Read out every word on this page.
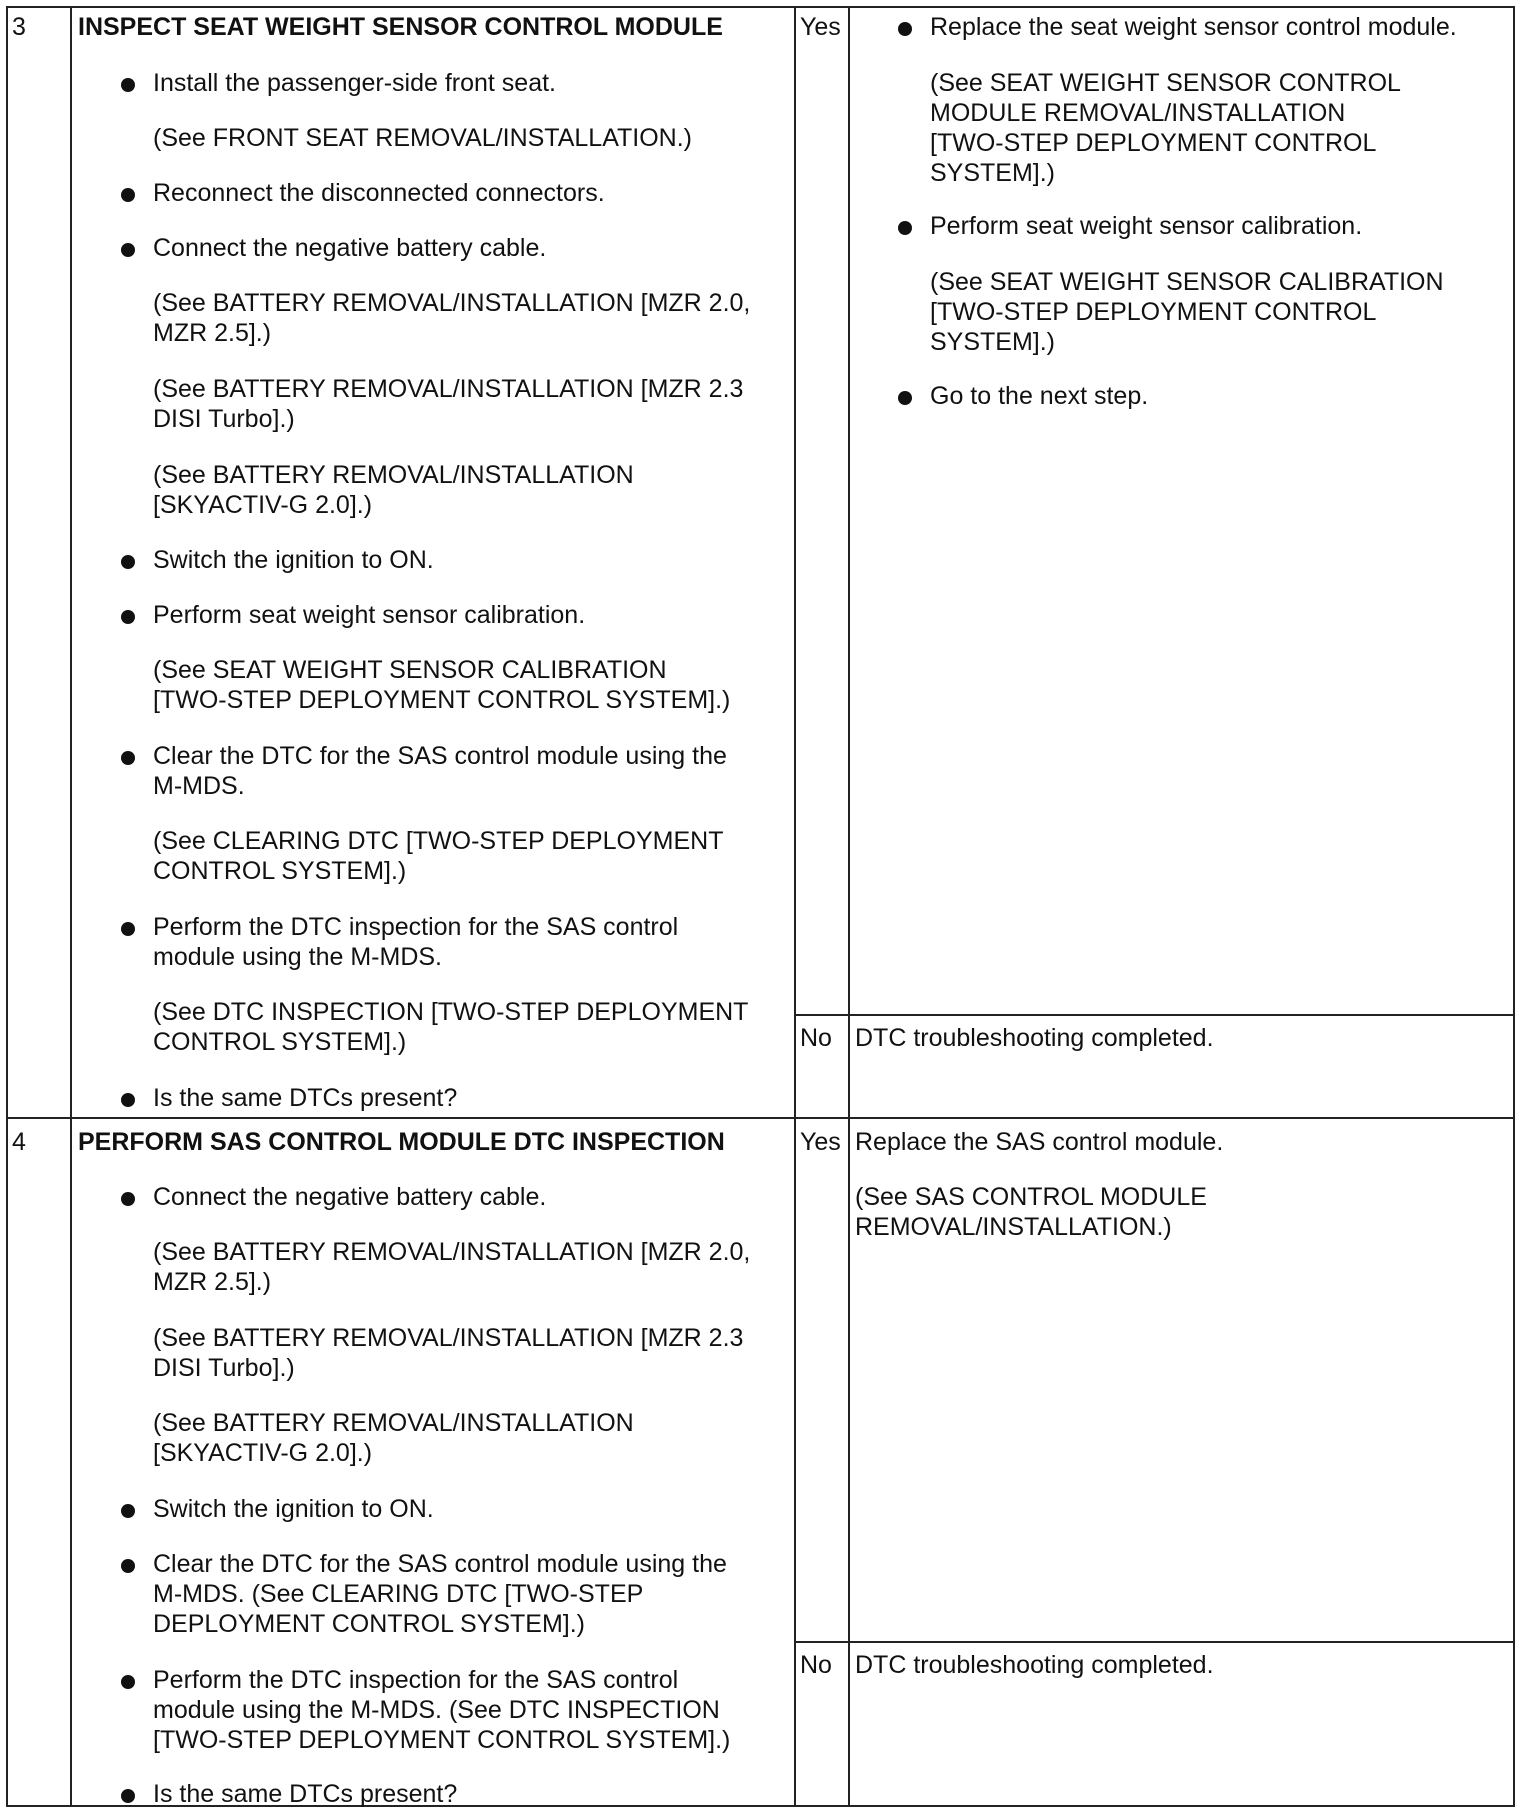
3 INSPECT SEAT WEIGHT SENSOR CONTROL MODULE
Install the passenger-side front seat.
(See FRONT SEAT REMOVAL/INSTALLATION.)
Reconnect the disconnected connectors.
Connect the negative battery cable.
(See BATTERY REMOVAL/INSTALLATION [MZR 2.0,
MZR 2.5].)
(See BATTERY REMOVAL/INSTALLATION [MZR 2.3
DISI Turbo].)
(See BATTERY REMOVAL/INSTALLATION
[SKYACTIV-G 2.0].)
Switch the ignition to ON.
Perform seat weight sensor calibration.
(See SEAT WEIGHT SENSOR CALIBRATION
[TWO-STEP DEPLOYMENT CONTROL SYSTEM].)
Clear the DTC for the SAS control module using the
M-MDS.
(See CLEARING DTC [TWO-STEP DEPLOYMENT
CONTROL SYSTEM].)
Perform the DTC inspection for the SAS control
module using the M-MDS.
(See DTC INSPECTION [TWO-STEP DEPLOYMENT
CONTROL SYSTEM].)
Is the same DTCs present?
Yes	Replace the seat weight sensor control module.
(See SEAT WEIGHT SENSOR CONTROL
MODULE REMOVAL/INSTALLATION
[TWO-STEP DEPLOYMENT CONTROL
SYSTEM].)
Perform seat weight sensor calibration.
(See SEAT WEIGHT SENSOR CALIBRATION
[TWO-STEP DEPLOYMENT CONTROL
SYSTEM].)
Go to the next step.
No DTC troubleshooting completed.
4 PERFORM SAS CONTROL MODULE DTC INSPECTION
Connect the negative battery cable.
(See BATTERY REMOVAL/INSTALLATION [MZR 2.0,
MZR 2.5].)
(See BATTERY REMOVAL/INSTALLATION [MZR 2.3
DISI Turbo].)
(See BATTERY REMOVAL/INSTALLATION
[SKYACTIV-G 2.0].)
Switch the ignition to ON.
Clear the DTC for the SAS control module using the
M-MDS. (See CLEARING DTC [TWO-STEP
DEPLOYMENT CONTROL SYSTEM].)
Perform the DTC inspection for the SAS control
module using the M-MDS. (See DTC INSPECTION
[TWO-STEP DEPLOYMENT CONTROL SYSTEM].)
Is the same DTCs present?
Yes Replace the SAS control module.
(See SAS CONTROL MODULE
REMOVAL/INSTALLATION.)
No DTC troubleshooting completed.
